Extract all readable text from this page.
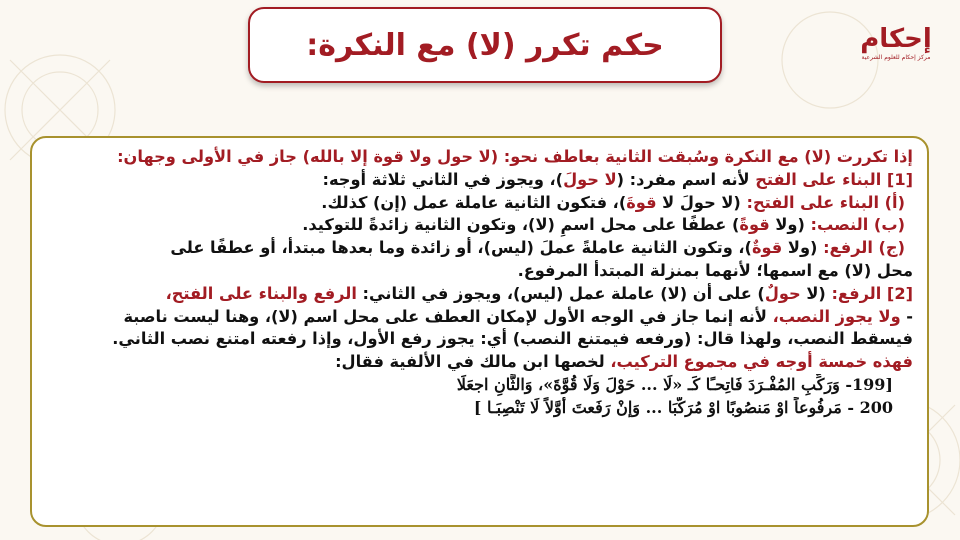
حكم تكرر (لا) مع النكرة:	إحكام
مركز إحكام للعلوم الشرعية
إذا تكررت (لا) مع النكرة وسُبقت الثانية بعاطف نحو: (لا حول ولا قوة إلا بالله) جاز في الأولى وجهان:
[1] البناء على الفتح لأنه اسم مفرد: (لا حولَ)، ويجوز في الثاني ثلاثة أوجه:
(أ) البناء على الفتح: (لا حولَ لا قوةَ)، فتكون الثانية عاملة عمل (إن) كذلك.
(ب) النصب: (ولا قوةً) عطفًا على محل اسمِ (لا)، وتكون الثانية زائدةً للتوكيد.
(ج) الرفع: (ولا قوةٌ)، وتكون الثانية عاملةً عملَ (ليس)، أو زائدة وما بعدها مبتدأ، أو عطفًا على
محل (لا) مع اسمها؛ لأنهما بمنزلة المبتدأ المرفوع.
[2] الرفع: (لا حولٌ) على أن (لا) عاملة عمل (ليس)، ويجوز في الثاني: الرفع والبناء على الفتح،
- ولا يجوز النصب، لأنه إنما جاز في الوجه الأول لإمكان العطف على محل اسم (لا)، وهنا ليست ناصبة
فيسقط النصب، ولهذا قال: (ورفعه فيمتنع النصب) أي: يجوز رفع الأول، وإذا رفعته امتنع نصب الثاني.
فهذه خمسة أوجه في مجموع التركيب، لخصها ابن مالك في الألفية فقال:
[199- وَرَكِّبِ المُفْـرَدَ فَاتِحـًا كَـ «لَا ... حَوْلَ وَلَا قُوَّةَ»، وَالثَّانِ اجعَلَا
200 - مَرفُوعاً اوْ مَنصُوبًا اوْ مُرَكَّبَا ... وَإنْ رَفَعتَ أَوَّلاً لَا تَنْصِبَـا ]
